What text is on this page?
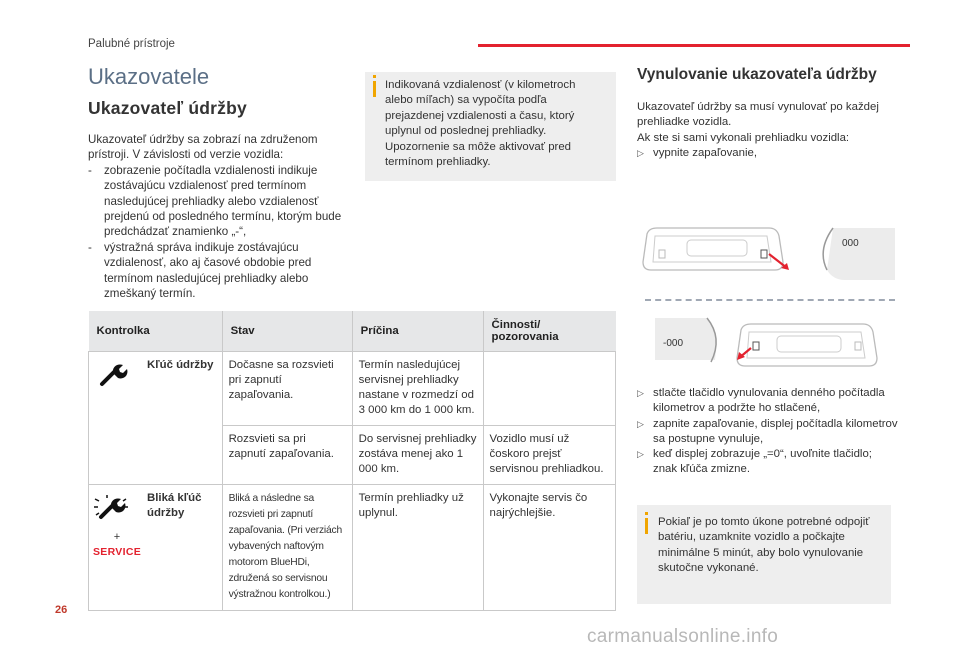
Palubné prístroje
Ukazovatele
Ukazovateľ údržby

Ukazovateľ údržby sa zobrazí na združenom prístroji. V závislosti od verzie vozidla:

- zobrazenie počítadla vzdialenosti indikuje zostávajúcu vzdialenosť pred termínom nasledujúcej prehliadky alebo vzdialenosť prejdenú od posledného termínu, ktorým bude predchádzať znamienko „-“,
- výstražná správa indikuje zostávajúcu vzdialenosť, ako aj časové obdobie pred termínom nasledujúcej prehliadky alebo zmeškaný termín.

Indikovaná vzdialenosť (v kilometroch alebo míľach) sa vypočíta podľa prejazdenej vzdialenosti a času, ktorý uplynul od poslednej prehliadky. Upozornenie sa môže aktivovať pred termínom prehliadky.

Kontrolka		Stav	Príčina	Činnosti/ pozorovania
	Kľúč údržby	Dočasne sa rozsvieti pri zapnutí zapaľovania.	Termín nasledujúcej servisnej prehliadky nastane v rozmedzí od 3 000 km do 1 000 km.	
		Rozsvieti sa pri zapnutí zapaľovania.	Do servisnej prehliadky zostáva menej ako 1 000 km.	Vozidlo musí už čoskoro prejsť servisnou prehliadkou.

+
SERVICE	Bliká kľúč údržby	Bliká a následne sa rozsvieti pri zapnutí zapaľovania. (Pri verziách vybavených naftovým motorom BlueHDi, združená so servisnou výstražnou kontrolkou.)	Termín prehliadky už uplynul.	Vykonajte servis čo najrýchlejšie.
Vynulovanie ukazovateľa údržby

Ukazovateľ údržby sa musí vynulovať po každej prehliadke vozidla.

Ak ste si sami vykonali prehliadku vozidla:

▷ vypnite zapaľovanie,
000
-000
▷ stlačte tlačidlo vynulovania denného počítadla kilometrov a podržte ho stlačené,
▷ zapnite zapaľovanie, displej počítadla kilometrov sa postupne vynuluje,
▷ keď displej zobrazuje „=0“, uvoľnite tlačidlo; znak kľúča zmizne.

Pokiaľ je po tomto úkone potrebné odpojiť batériu, uzamknite vozidlo a počkajte minimálne 5 minút, aby bolo vynulovanie skutočne vykonané.

26
carmanualsonline.info
